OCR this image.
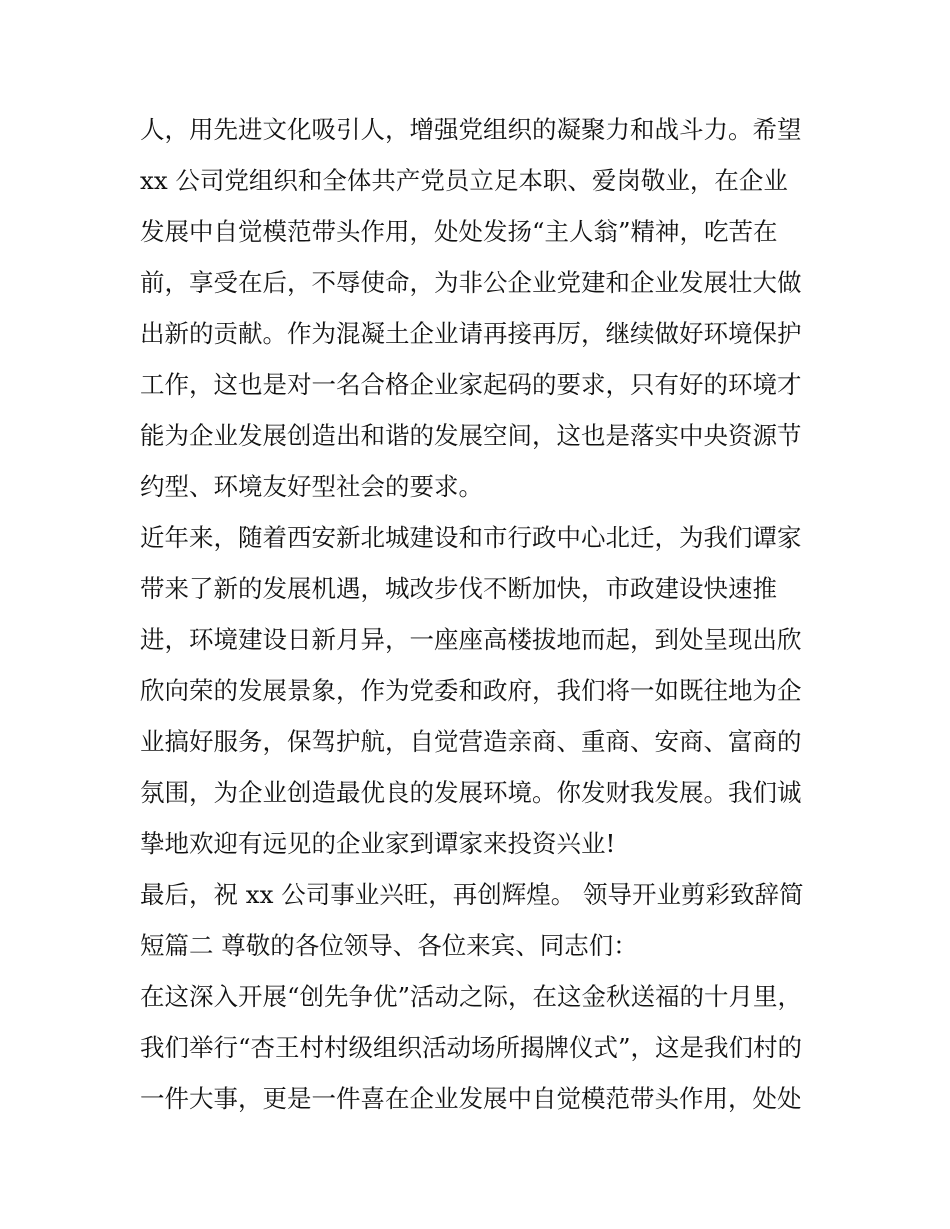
人，用先进文化吸引人，增强党组织的凝聚力和战斗力。希望
xx 公司党组织和全体共产党员立足本职、爱岗敬业，在企业
发展中自觉模范带头作用，处处发扬“主人翁”精神，吃苦在
前，享受在后，不辱使命，为非公企业党建和企业发展壮大做
出新的贡献。作为混凝土企业请再接再厉，继续做好环境保护
工作，这也是对一名合格企业家起码的要求，只有好的环境才
能为企业发展创造出和谐的发展空间，这也是落实中央资源节
约型、环境友好型社会的要求。
近年来，随着西安新北城建设和市行政中心北迁，为我们谭家
带来了新的发展机遇，城改步伐不断加快，市政建设快速推
进，环境建设日新月异，一座座高楼拔地而起，到处呈现出欣
欣向荣的发展景象，作为党委和政府，我们将一如既往地为企
业搞好服务，保驾护航，自觉营造亲商、重商、安商、富商的
氛围，为企业创造最优良的发展环境。你发财我发展。我们诚
挚地欢迎有远见的企业家到谭家来投资兴业!
最后，祝 xx 公司事业兴旺，再创辉煌。 领导开业剪彩致辞简
短篇二 尊敬的各位领导、各位来宾、同志们：
在这深入开展“创先争优”活动之际，在这金秋送福的十月里，
我们举行“杏王村村级组织活动场所揭牌仪式”，这是我们村的
一件大事，更是一件喜在企业发展中自觉模范带头作用，处处
